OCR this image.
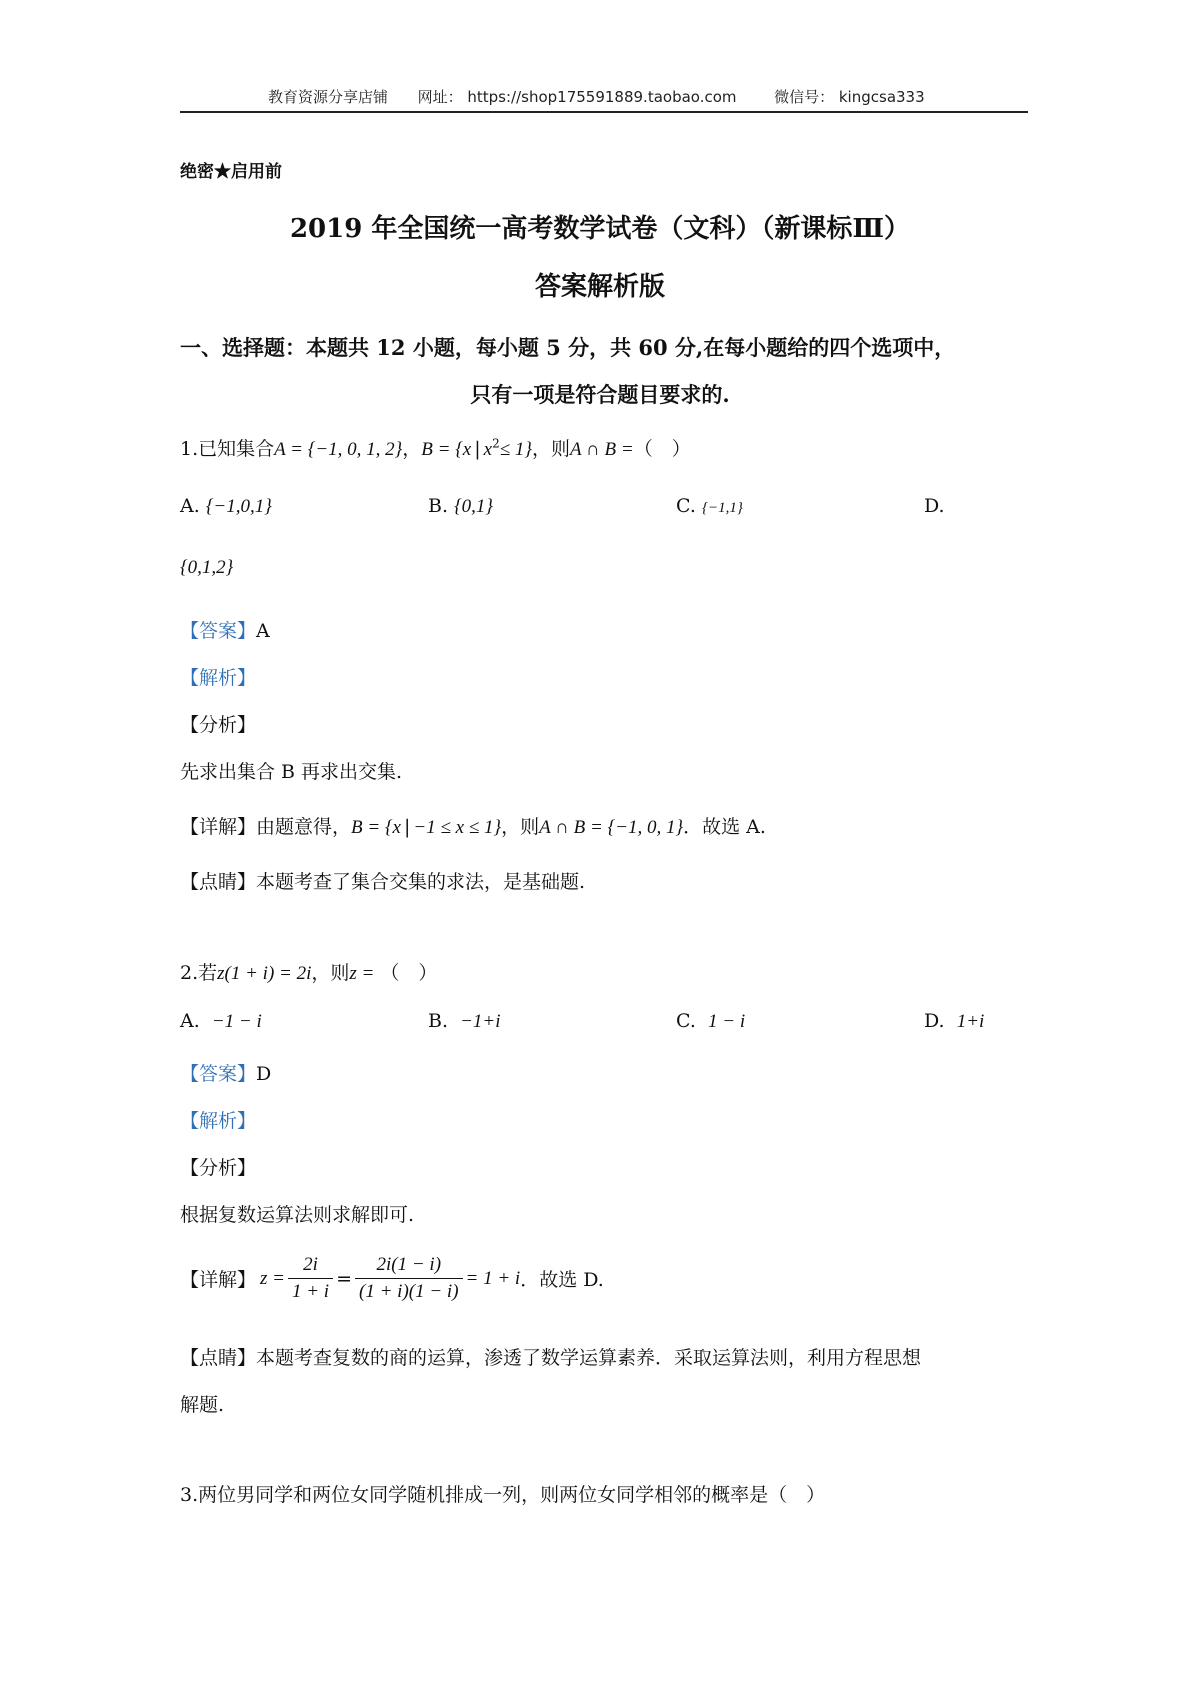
教育资源分享店铺 网址： https://shop175591889.taobao.com	微信号： kingcsa333
绝密★启用前
2019 年全国统一高考数学试卷（文科）（新课标Ⅲ）
答案解析版
一、选择题：本题共 12 小题，每小题 5 分，共 60 分,在每小题给的四个选项中，
只有一项是符合题目要求的.
1.已知集合A = {−1, 0, 1, 2}，B = {x | $x^2\le 1$}，则A ∩ B =（　）
A. {−1,0,1}	B. {0,1}	C. {−1,1}	D.
{0,1,2}
【答案】A
【解析】
【分析】
先求出集合 B 再求出交集.
【详解】由题意得，B = {x | −1 ≤ x ≤ 1}，则A ∩ B = {−1, 0, 1}．故选 A.
【点睛】本题考查了集合交集的求法，是基础题.
2.若z(1 + i) = 2i，则z = （　）
A. −1 − i	B. −1+i	C. 1 − i	D. 1+i
【答案】D
【解析】
【分析】
根据复数运算法则求解即可.
【详解】 $z = \frac{2i}{1 + i} = \frac{2i(1 - i)}{(1 + i)(1 - i)} = 1 + i$ ．故选 D.
【点睛】本题考查复数的商的运算，渗透了数学运算素养．采取运算法则，利用方程思想
解题.
3.两位男同学和两位女同学随机排成一列，则两位女同学相邻的概率是（　）
